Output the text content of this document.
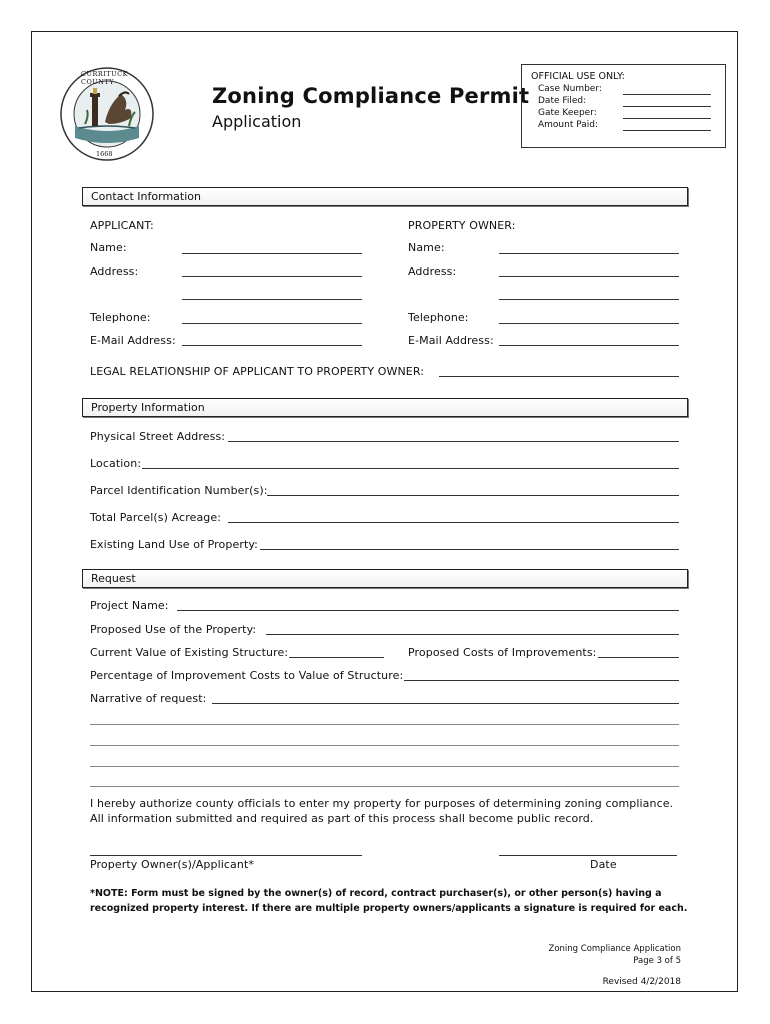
CURRITUCK COUNTY
1668
Zoning Compliance Permit
Application
OFFICIAL USE ONLY:
Case Number:
Date Filed:
Gate Keeper:
Amount Paid:
Contact Information
APPLICANT:	PROPERTY OWNER:
Name:	Name:
Address:	Address:
Telephone:	Telephone:
E-Mail Address:	E-Mail Address:
LEGAL RELATIONSHIP OF APPLICANT TO PROPERTY OWNER:
Property Information
Physical Street Address:
Location:
Parcel Identification Number(s):
Total Parcel(s) Acreage:
Existing Land Use of Property:
Request
Project Name:
Proposed Use of the Property:
Current Value of Existing Structure:	Proposed Costs of Improvements:
Percentage of Improvement Costs to Value of Structure:
Narrative of request:
I hereby authorize county officials to enter my property for purposes of determining zoning compliance.
All information submitted and required as part of this process shall become public record.
Property Owner(s)/Applicant*	Date
*NOTE: Form must be signed by the owner(s) of record, contract purchaser(s), or other person(s) having a
recognized property interest. If there are multiple property owners/applicants a signature is required for each.
Zoning Compliance Application
Page 3 of 5
Revised 4/2/2018
